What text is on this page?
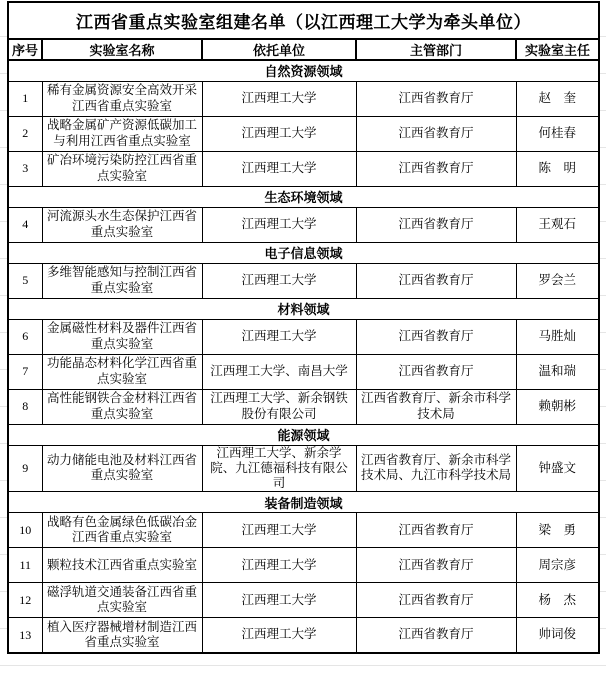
江西省重点实验室组建名单（以江西理工大学为牵头单位）				
序号	实验室名称	依托单位	主管部门	实验室主任
自然资源领域				
1	稀有金属资源安全高效开采江西省重点实验室	江西理工大学	江西省教育厅	赵　奎
2	战略金属矿产资源低碳加工与利用江西省重点实验室	江西理工大学	江西省教育厅	何桂春
3	矿冶环境污染防控江西省重点实验室	江西理工大学	江西省教育厅	陈　明
生态环境领域				
4	河流源头水生态保护江西省重点实验室	江西理工大学	江西省教育厅	王观石
电子信息领域				
5	多维智能感知与控制江西省重点实验室	江西理工大学	江西省教育厅	罗会兰
材料领域				
6	金属磁性材料及器件江西省重点实验室	江西理工大学	江西省教育厅	马胜灿
7	功能晶态材料化学江西省重点实验室	江西理工大学、南昌大学	江西省教育厅	温和瑞
8	高性能钢铁合金材料江西省重点实验室	江西理工大学、新余钢铁股份有限公司	江西省教育厅、新余市科学技术局	赖朝彬
能源领域				
9	动力储能电池及材料江西省重点实验室	江西理工大学、新余学院、九江德福科技有限公司	江西省教育厅、新余市科学技术局、九江市科学技术局	钟盛文
装备制造领域				
10	战略有色金属绿色低碳冶金江西省重点实验室	江西理工大学	江西省教育厅	梁　勇
11	颗粒技术江西省重点实验室	江西理工大学	江西省教育厅	周宗彦
12	磁浮轨道交通装备江西省重点实验室	江西理工大学	江西省教育厅	杨　杰
13	植入医疗器械增材制造江西省重点实验室	江西理工大学	江西省教育厅	帅词俊
